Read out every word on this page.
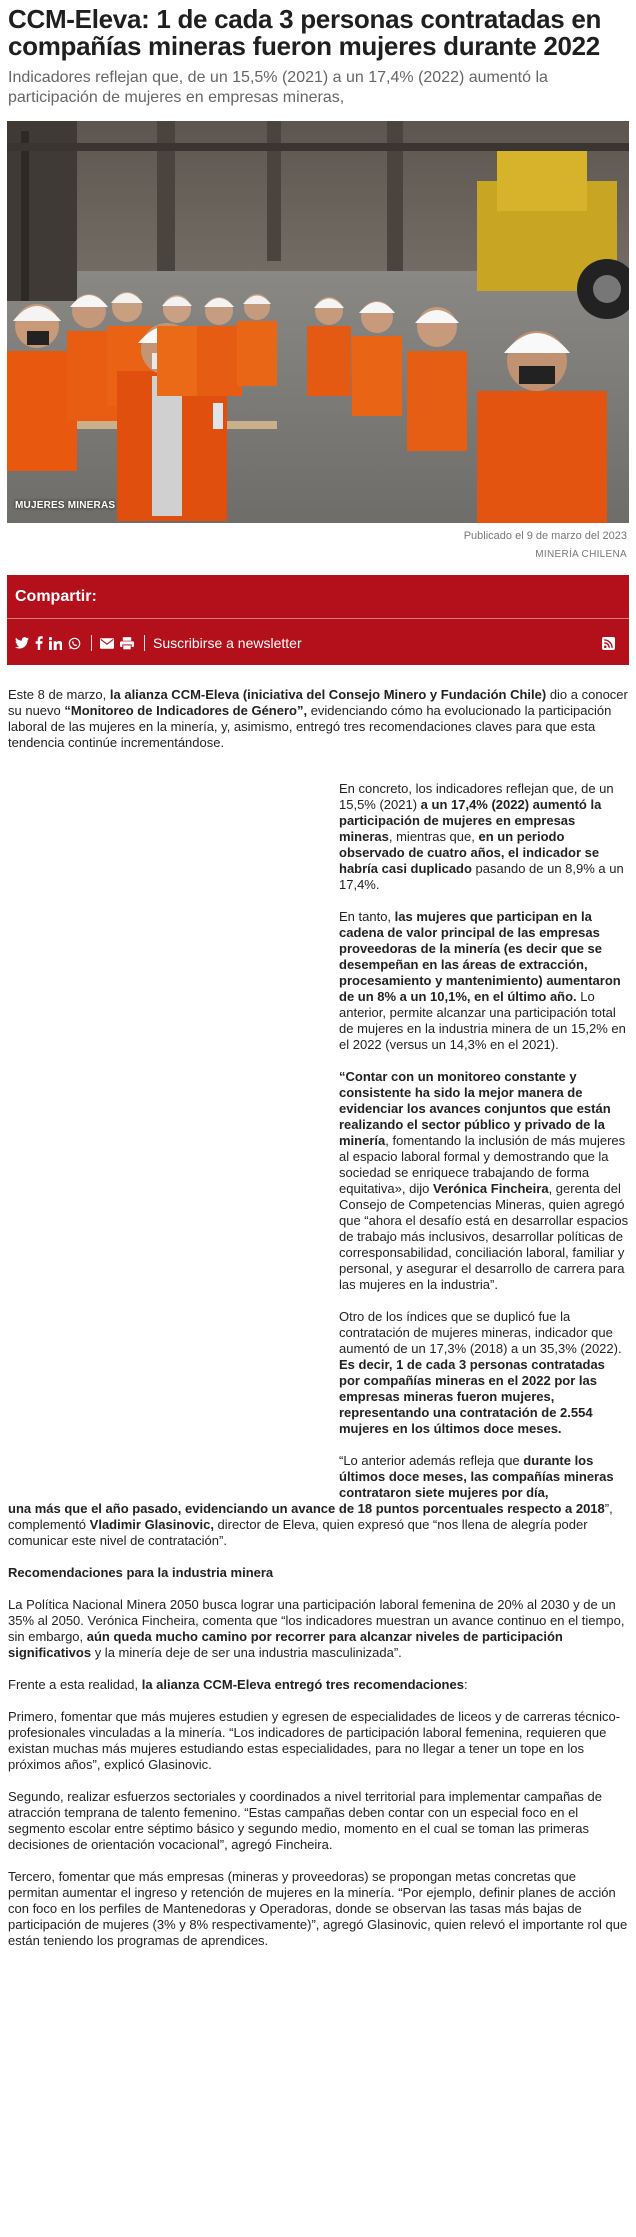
CCM-Eleva: 1 de cada 3 personas contratadas en compañías mineras fueron mujeres durante 2022
Indicadores reflejan que, de un 15,5% (2021) a un 17,4% (2022) aumentó la participación de mujeres en empresas mineras,
MUJERES MINERAS
Publicado el 9 de marzo del 2023
MINERÍA CHILENA
Compartir:
Suscribirse a newsletter

Este 8 de marzo, la alianza CCM-Eleva (iniciativa del Consejo Minero y Fundación Chile) dio a conocer su nuevo “Monitoreo de Indicadores de Género”, evidenciando cómo ha evolucionado la participación laboral de las mujeres en la minería, y, asimismo, entregó tres recomendaciones claves para que esta tendencia continúe incrementándose.

En concreto, los indicadores reflejan que, de un 15,5% (2021) a un 17,4% (2022) aumentó la participación de mujeres en empresas mineras, mientras que, en un periodo observado de cuatro años, el indicador se habría casi duplicado pasando de un 8,9% a un 17,4%.

En tanto, las mujeres que participan en la cadena de valor principal de las empresas proveedoras de la minería (es decir que se desempeñan en las áreas de extracción, procesamiento y mantenimiento) aumentaron de un 8% a un 10,1%, en el último año. Lo anterior, permite alcanzar una participación total de mujeres en la industria minera de un 15,2% en el 2022 (versus un 14,3% en el 2021).

“Contar con un monitoreo constante y consistente ha sido la mejor manera de evidenciar los avances conjuntos que están realizando el sector público y privado de la minería, fomentando la inclusión de más mujeres al espacio laboral formal y demostrando que la sociedad se enriquece trabajando de forma equitativa», dijo Verónica Fincheira, gerenta del Consejo de Competencias Mineras, quien agregó que “ahora el desafío está en desarrollar espacios de trabajo más inclusivos, desarrollar políticas de corresponsabilidad, conciliación laboral, familiar y personal, y asegurar el desarrollo de carrera para las mujeres en la industria”.

Otro de los índices que se duplicó fue la contratación de mujeres mineras, indicador que aumentó de un 17,3% (2018) a un 35,3% (2022). Es decir, 1 de cada 3 personas contratadas por compañías mineras en el 2022 por las empresas mineras fueron mujeres, representando una contratación de 2.554 mujeres en los últimos doce meses.

“Lo anterior además refleja que durante los últimos doce meses, las compañías mineras contrataron siete mujeres por día,

una más que el año pasado, evidenciando un avance de 18 puntos porcentuales respecto a 2018”, complementó Vladimir Glasinovic, director de Eleva, quien expresó que “nos llena de alegría poder comunicar este nivel de contratación”.

Recomendaciones para la industria minera

La Política Nacional Minera 2050 busca lograr una participación laboral femenina de 20% al 2030 y de un 35% al 2050. Verónica Fincheira, comenta que “los indicadores muestran un avance continuo en el tiempo, sin embargo, aún queda mucho camino por recorrer para alcanzar niveles de participación significativos y la minería deje de ser una industria masculinizada”.

Frente a esta realidad, la alianza CCM-Eleva entregó tres recomendaciones:

Primero, fomentar que más mujeres estudien y egresen de especialidades de liceos y de carreras técnico-profesionales vinculadas a la minería. “Los indicadores de participación laboral femenina, requieren que existan muchas más mujeres estudiando estas especialidades, para no llegar a tener un tope en los próximos años”, explicó Glasinovic.

Segundo, realizar esfuerzos sectoriales y coordinados a nivel territorial para implementar campañas de atracción temprana de talento femenino. “Estas campañas deben contar con un especial foco en el segmento escolar entre séptimo básico y segundo medio, momento en el cual se toman las primeras decisiones de orientación vocacional”, agregó Fincheira.

Tercero, fomentar que más empresas (mineras y proveedoras) se propongan metas concretas que permitan aumentar el ingreso y retención de mujeres en la minería. “Por ejemplo, definir planes de acción con foco en los perfiles de Mantenedoras y Operadoras, donde se observan las tasas más bajas de participación de mujeres (3% y 8% respectivamente)”, agregó Glasinovic, quien relevó el importante rol que están teniendo los programas de aprendices.
